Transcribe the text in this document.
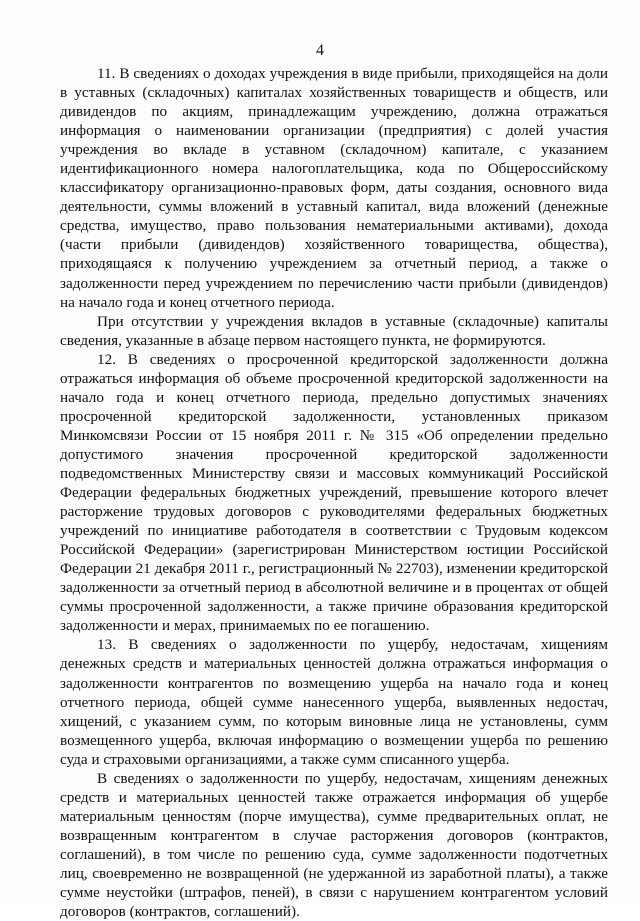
4

11. В сведениях о доходах учреждения в виде прибыли, приходящейся на доли в уставных (складочных) капиталах хозяйственных товариществ и обществ, или дивидендов по акциям, принадлежащим учреждению, должна отражаться информация о наименовании организации (предприятия) с долей участия учреждения во вкладе в уставном (складочном) капитале, с указанием идентификационного номера налогоплательщика, кода по Общероссийскому классификатору организационно-правовых форм, даты создания, основного вида деятельности, суммы вложений в уставный капитал, вида вложений (денежные средства, имущество, право пользования нематериальными активами), дохода (части прибыли (дивидендов) хозяйственного товарищества, общества), приходящаяся к получению учреждением за отчетный период, а также о задолженности перед учреждением по перечислению части прибыли (дивидендов) на начало года и конец отчетного периода.

При отсутствии у учреждения вкладов в уставные (складочные) капиталы сведения, указанные в абзаце первом настоящего пункта, не формируются.

12. В сведениях о просроченной кредиторской задолженности должна отражаться информация об объеме просроченной кредиторской задолженности на начало года и конец отчетного периода, предельно допустимых значениях просроченной кредиторской задолженности, установленных приказом Минкомсвязи России от 15 ноября 2011 г. № 315 «Об определении предельно допустимого значения просроченной кредиторской задолженности подведомственных Министерству связи и массовых коммуникаций Российской Федерации федеральных бюджетных учреждений, превышение которого влечет расторжение трудовых договоров с руководителями федеральных бюджетных учреждений по инициативе работодателя в соответствии с Трудовым кодексом Российской Федерации» (зарегистрирован Министерством юстиции Российской Федерации 21 декабря 2011 г., регистрационный № 22703), изменении кредиторской задолженности за отчетный период в абсолютной величине и в процентах от общей суммы просроченной задолженности, а также причине образования кредиторской задолженности и мерах, принимаемых по ее погашению.

13. В сведениях о задолженности по ущербу, недостачам, хищениям денежных средств и материальных ценностей должна отражаться информация о задолженности контрагентов по возмещению ущерба на начало года и конец отчетного периода, общей сумме нанесенного ущерба, выявленных недостач, хищений, с указанием сумм, по которым виновные лица не установлены, сумм возмещенного ущерба, включая информацию о возмещении ущерба по решению суда и страховыми организациями, а также сумм списанного ущерба.

В сведениях о задолженности по ущербу, недостачам, хищениям денежных средств и материальных ценностей также отражается информация об ущербе материальным ценностям (порче имущества), сумме предварительных оплат, не возвращенным контрагентом в случае расторжения договоров (контрактов, соглашений), в том числе по решению суда, сумме задолженности подотчетных лиц, своевременно не возвращенной (не удержанной из заработной платы), а также сумме неустойки (штрафов, пеней), в связи с нарушением контрагентом условий договоров (контрактов, соглашений).
